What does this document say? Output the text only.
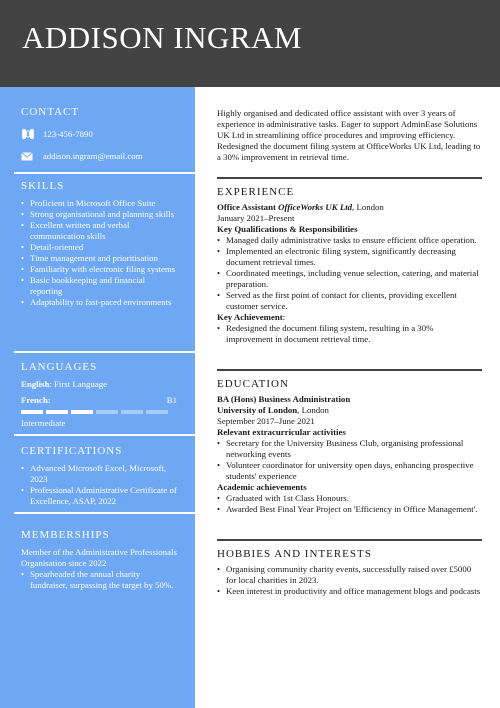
ADDISON INGRAM
CONTACT
123-456-7890
addison.ingram@email.com
SKILLS
• Proficient in Microsoft Office Suite
• Strong organisational and planning skills
• Excellent written and verbal communication skills
• Detail-oriented
• Time management and prioritisation
• Familiarity with electronic filing systems
• Basic bookkeeping and financial reporting
• Adaptability to fast-paced environments
LANGUAGES
English: First Language
French:	B1
Intermediate
CERTIFICATIONS
• Advanced Microsoft Excel, Microsoft, 2023
• Professional Administrative Certificate of Excellence, ASAP, 2022
MEMBERSHIPS
Member of the Administrative Professionals Organisation since 2022
• Spearheaded the annual charity fundraiser, surpassing the target by 50%.
Highly organised and dedicated office assistant with over 3 years of experience in administrative tasks. Eager to support AdminEase Solutions UK Ltd in streamlining office procedures and improving efficiency. Redesigned the document filing system at OfficeWorks UK Ltd, leading to a 30% improvement in retrieval time.
EXPERIENCE
Office Assistant OfficeWorks UK Ltd, London
January 2021–Present
Key Qualifications & Responsibilities
• Managed daily administrative tasks to ensure efficient office operation.
• Implemented an electronic filing system, significantly decreasing document retrieval times.
• Coordinated meetings, including venue selection, catering, and material preparation.
• Served as the first point of contact for clients, providing excellent customer service.
Key Achievement:
• Redesigned the document filing system, resulting in a 30% improvement in document retrieval time.
EDUCATION
BA (Hons) Business Administration
University of London, London
September 2017–June 2021
Relevant extracurricular activities
• Secretary for the University Business Club, organising professional networking events
• Volunteer coordinator for university open days, enhancing prospective students' experience
Academic achievements
• Graduated with 1st Class Honours.
• Awarded Best Final Year Project on 'Efficiency in Office Management'.
HOBBIES AND INTERESTS
• Organising community charity events, successfully raised over £5000 for local charities in 2023.
• Keen interest in productivity and office management blogs and podcasts
